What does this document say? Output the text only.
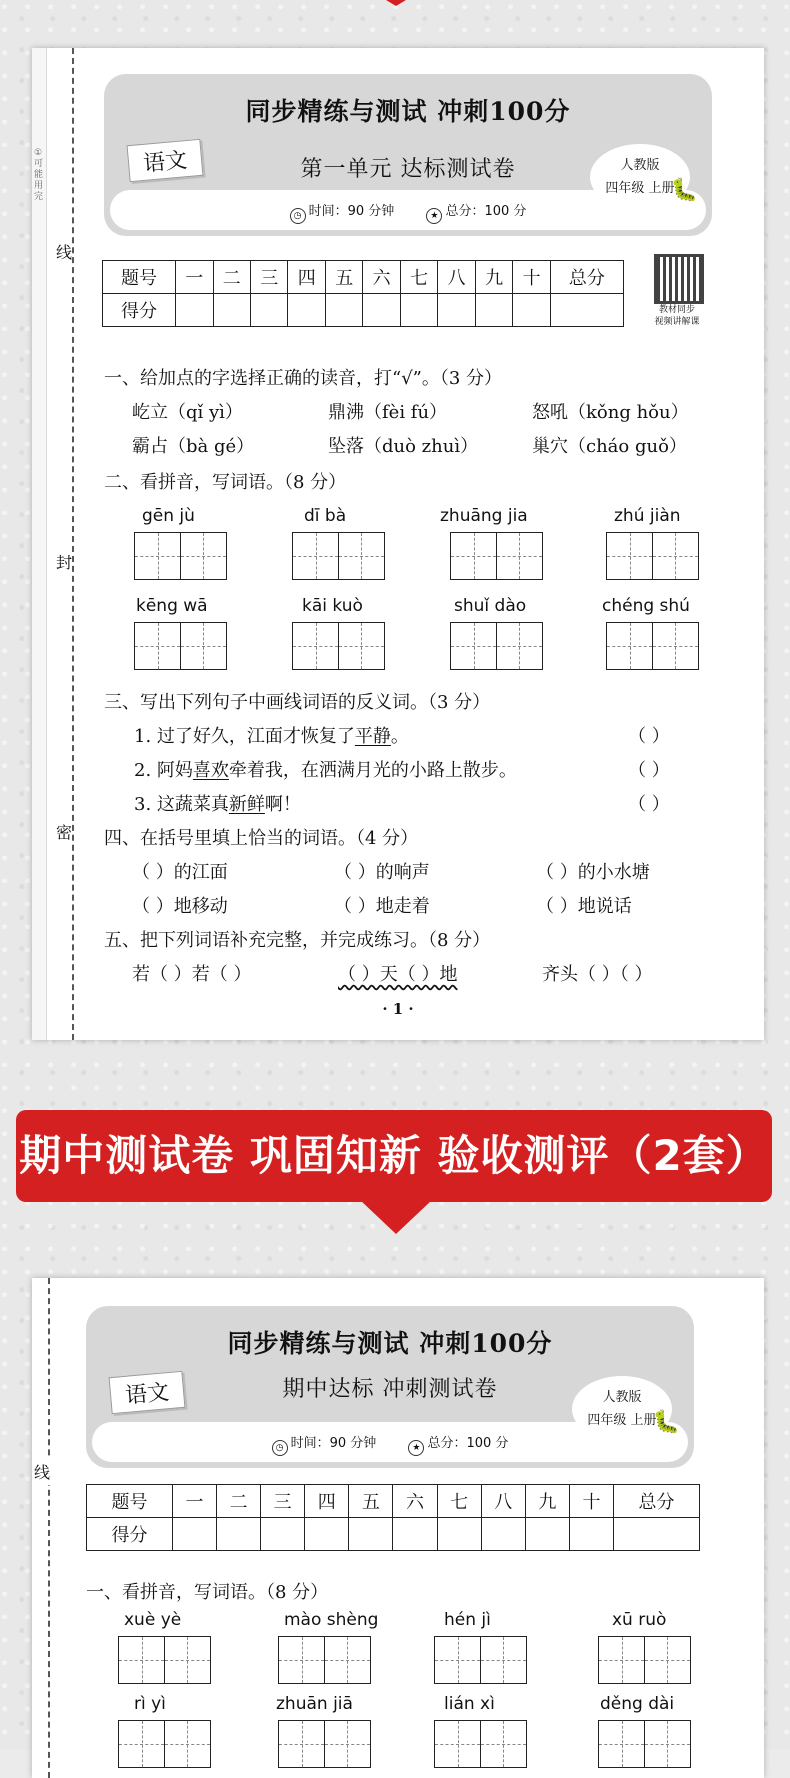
①可能用完
线
封
密
同步精练与测试 冲刺100分
语文	第一单元 达标测试卷	人教版
四年级 上册
🐛
◷ 时间：90 分钟	★ 总分：100 分
题号	一	二	三	四	五	六	七	八	九	十	总分
得分												教材同步
视频讲解课
一、给加点的字选择正确的读音，打“√”。（3 分）
屹立（qǐ yì）	鼎沸（fèi fú）	怒吼（kǒng hǒu）
霸占（bà gé）	坠落（duò zhuì）	巢穴（cháo guǒ）
二、看拼音，写词语。（8 分）
gēn jù	dī bà	zhuāng jia	zhú jiàn
kēng wā	kāi kuò	shuǐ dào	chéng shú
三、写出下列句子中画线词语的反义词。（3 分）
1. 过了好久，江面才恢复了平静。	（ ）
2. 阿妈喜欢牵着我，在洒满月光的小路上散步。	（ ）
3. 这蔬菜真新鲜啊！	（ ）
四、在括号里填上恰当的词语。（4 分）
（ ）的江面	（ ）的响声	（ ）的小水塘
（ ）地移动	（ ）地走着	（ ）地说话
五、把下列词语补充完整，并完成练习。（8 分）
若（ ）若（ ）	（ ）天（ ）地	齐头（ ）（ ）
· 1 ·
期中测试卷 巩固知新 验收测评（2套）
线
同步精练与测试 冲刺100分
语文	期中达标 冲刺测试卷	人教版
四年级 上册
🐛
◷ 时间：90 分钟	★ 总分：100 分
题号	一	二	三	四	五	六	七	八	九	十	总分
得分											
一、看拼音，写词语。（8 分）
xuè yè	mào shèng	hén jì	xū ruò
rì yì	zhuān jiā	lián xì	děng dài
